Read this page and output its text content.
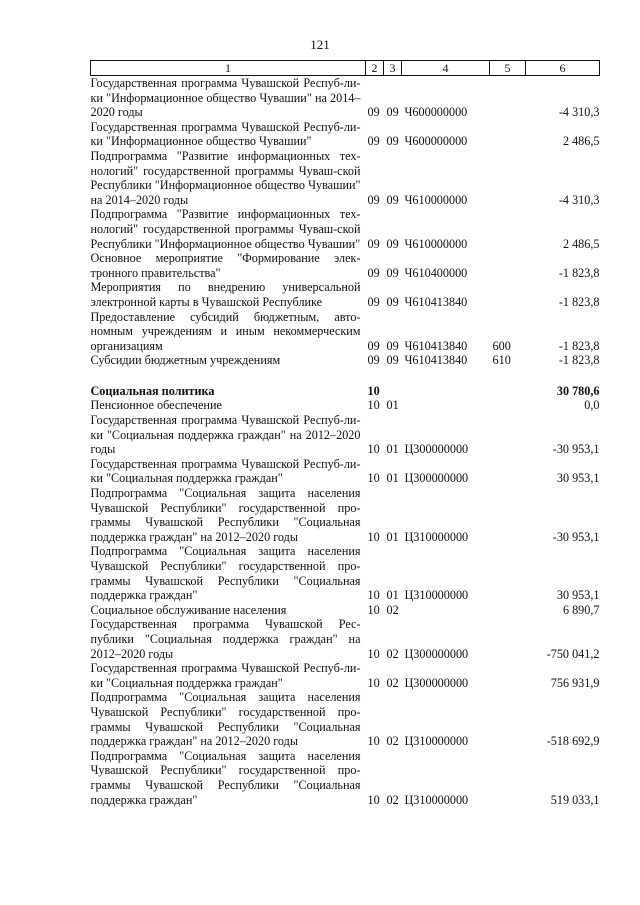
121
1	2	3	4	5	6
Государственная программа Чувашской Респуб-лики "Информационное общество Чувашии" на 2014–2020 годы	09	09	Ч600000000		-4 310,3
Государственная программа Чувашской Респуб-лики "Информационное общество Чувашии"	09	09	Ч600000000		2 486,5
Подпрограмма "Развитие информационных тех-нологий" государственной программы Чуваш-ской Республики "Информационное общество Чувашии" на 2014–2020 годы	09	09	Ч610000000		-4 310,3
Подпрограмма "Развитие информационных тех-нологий" государственной программы Чуваш-ской Республики "Информационное общество Чувашии"	09	09	Ч610000000		2 486,5
Основное мероприятие "Формирование элек-тронного правительства"	09	09	Ч610400000		-1 823,8
Мероприятия по внедрению универсальной электронной карты в Чувашской Республике	09	09	Ч610413840		-1 823,8
Предоставление субсидий бюджетным, авто-номным учреждениям и иным некоммерческим организациям	09	09	Ч610413840	600	-1 823,8
Субсидии бюджетным учреждениям	09	09	Ч610413840	610	-1 823,8

Социальная политика	10				30 780,6
Пенсионное обеспечение	10	01			0,0
Государственная программа Чувашской Респуб-лики "Социальная поддержка граждан" на 2012–2020 годы	10	01	Ц300000000		-30 953,1
Государственная программа Чувашской Респуб-лики "Социальная поддержка граждан"	10	01	Ц300000000		30 953,1
Подпрограмма "Социальная защита населения Чувашской Республики" государственной про-граммы Чувашской Республики "Социальная поддержка граждан" на 2012–2020 годы	10	01	Ц310000000		-30 953,1
Подпрограмма "Социальная защита населения Чувашской Республики" государственной про-граммы Чувашской Республики "Социальная поддержка граждан"	10	01	Ц310000000		30 953,1
Социальное обслуживание населения	10	02			6 890,7
Государственная программа Чувашской Рес-публики "Социальная поддержка граждан" на 2012–2020 годы	10	02	Ц300000000		-750 041,2
Государственная программа Чувашской Респуб-лики "Социальная поддержка граждан"	10	02	Ц300000000		756 931,9
Подпрограмма "Социальная защита населения Чувашской Республики" государственной про-граммы Чувашской Республики "Социальная поддержка граждан" на 2012–2020 годы	10	02	Ц310000000		-518 692,9
Подпрограмма "Социальная защита населения Чувашской Республики" государственной про-граммы Чувашской Республики "Социальная поддержка граждан"	10	02	Ц310000000		519 033,1
